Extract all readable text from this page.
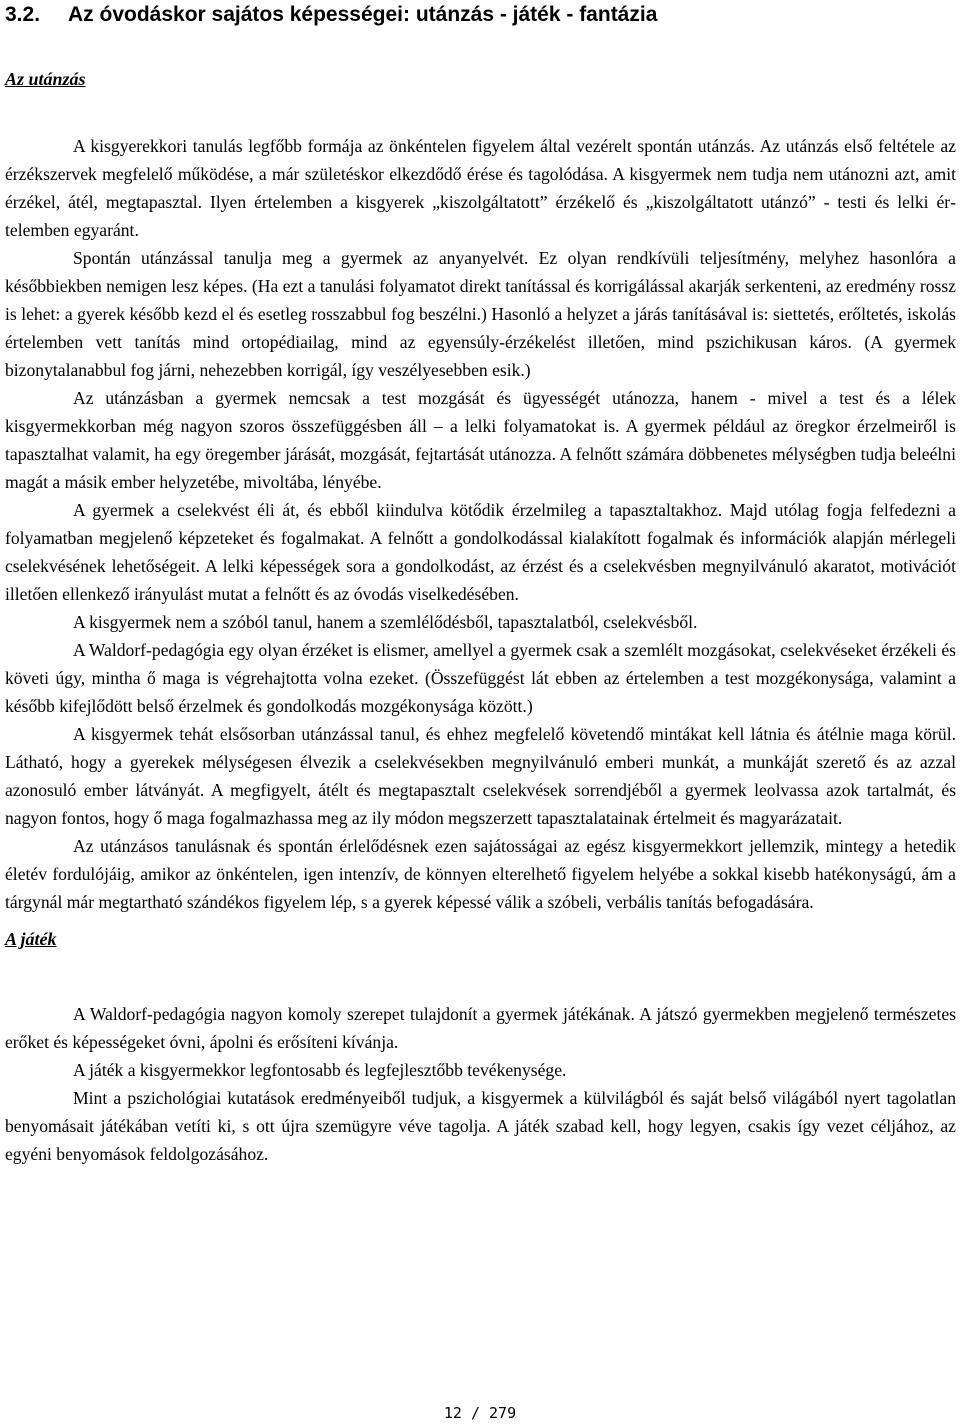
3.2. Az óvodáskor sajátos képességei: utánzás - játék - fantázia
Az utánzás

A kisgyerekkori tanulás legfőbb formája az önkéntelen figyelem által vezérelt spontán utánzás. Az utánzás első feltétele az érzékszervek megfelelő működése, a már születéskor elkezdődő érése és tagolódása. A kisgyermek nem tudja nem utánozni azt, amit érzékel, átél, megtapasztal. Ilyen értelemben a kisgyerek „kiszolgáltatott” érzékelő és „kiszolgáltatott utánzó” - testi és lelki értelemben egyaránt.

Spontán utánzással tanulja meg a gyermek az anyanyelvét. Ez olyan rendkívüli teljesítmény, melyhez hasonlóra a későbbiekben nemigen lesz képes. (Ha ezt a tanulási folyamatot direkt tanítással és korrigálással akarják serkenteni, az eredmény rossz is lehet: a gyerek később kezd el és esetleg rosszabbul fog beszélni.) Hasonló a helyzet a járás tanításával is: siettetés, erőltetés, iskolás értelemben vett tanítás mind ortopédiailag, mind az egyensúly-érzékelést illetően, mind pszichikusan káros. (A gyermek bizonytalanabbul fog járni, nehezebben korrigál, így veszélyesebben esik.)

Az utánzásban a gyermek nemcsak a test mozgását és ügyességét utánozza, hanem - mivel a test és a lélek kisgyermekkorban még nagyon szoros összefüggésben áll – a lelki folyamatokat is. A gyermek például az öregkor érzelmeiről is tapasztalhat valamit, ha egy öregember járását, mozgását, fejtartását utánozza. A felnőtt számára döbbenetes mélységben tudja beleélni magát a másik ember helyzetébe, mivoltába, lényébe.

A gyermek a cselekvést éli át, és ebből kiindulva kötődik érzelmileg a tapasztaltakhoz. Majd utólag fogja felfedezni a folyamatban megjelenő képzeteket és fogalmakat. A felnőtt a gondolkodással kialakított fogalmak és információk alapján mérlegeli cselekvésének lehetőségeit. A lelki képességek sora a gondolkodást, az érzést és a cselekvésben megnyilvánuló akaratot, motivációt illetően ellenkező irányulást mutat a felnőtt és az óvodás viselkedésében.

A kisgyermek nem a szóból tanul, hanem a szemlélődésből, tapasztalatból, cselekvésből.

A Waldorf-pedagógia egy olyan érzéket is elismer, amellyel a gyermek csak a szemlélt mozgásokat, cselekvéseket érzékeli és követi úgy, mintha ő maga is végrehajtotta volna ezeket. (Összefüggést lát ebben az értelemben a test mozgékonysága, valamint a később kifejlődött belső érzelmek és gondolkodás mozgékonysága között.)

A kisgyermek tehát elsősorban utánzással tanul, és ehhez megfelelő követendő mintákat kell látnia és átélnie maga körül. Látható, hogy a gyerekek mélységesen élvezik a cselekvésekben megnyilvánuló emberi munkát, a munkáját szerető és az azzal azonosuló ember látványát. A megfigyelt, átélt és megtapasztalt cselekvések sorrendjéből a gyermek leolvassa azok tartalmát, és nagyon fontos, hogy ő maga fogalmazhassa meg az ily módon megszerzett tapasztalatainak értelmeit és magyarázatait.

Az utánzásos tanulásnak és spontán érlelődésnek ezen sajátosságai az egész kisgyermekkort jellemzik, mintegy a hetedik életév fordulójáig, amikor az önkéntelen, igen intenzív, de könnyen elterelhető figyelem helyébe a sokkal kisebb hatékonyságú, ám a tárgynál már megtartható szándékos figyelem lép, s a gyerek képessé válik a szóbeli, verbális tanítás befogadására.

A játék

A Waldorf-pedagógia nagyon komoly szerepet tulajdonít a gyermek játékának. A játszó gyermekben megjelenő természetes erőket és képességeket óvni, ápolni és erősíteni kívánja.

A játék a kisgyermekkor legfontosabb és legfejlesztőbb tevékenysége.

Mint a pszichológiai kutatások eredményeiből tudjuk, a kisgyermek a külvilágból és saját belső világából nyert tagolatlan benyomásait játékában vetíti ki, s ott újra szemügyre véve tagolja. A játék szabad kell, hogy legyen, csakis így vezet céljához, az egyéni benyomások feldolgozásához.

12 / 279
